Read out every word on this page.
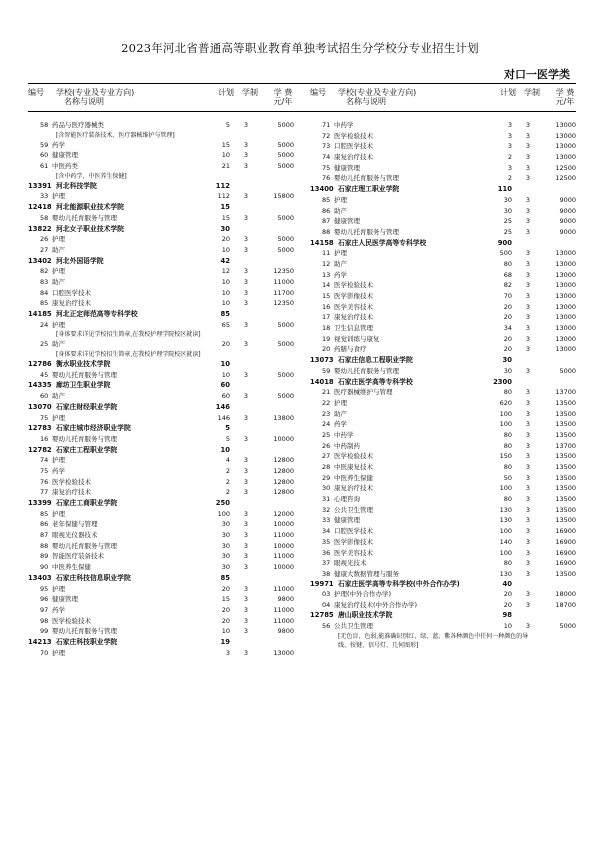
2023年河北省普通高等职业教育单独考试招生分学校分专业招生计划
对口一医学类
编号 学校(专业及专业方向)
名称与说明
计划 学制	学 费
元/年
58 药品与医疗器械类	5	3	5000
[含智能医疗装备技术、医疗器械维护与管理]
59 药学	15	3	5000
60 健康管理	10	3	5000
61 中医药类	21	3	5000
[含中药学、中医养生保健]
13391 河北科技学院	112
33 护理	112	3	15800
12418 河北能源职业技术学院	15
58 婴幼儿托育服务与管理	15	3	5000
13822 河北女子职业技术学院	30
26 护理	20	3	5000
27 助产	10	3	5000
13402 河北外国语学院	42
82 护理	12	3	12350
83 助产	10	3	11000
84 口腔医学技术	10	3	11700
85 康复治疗技术	10	3	12350
14185 河北正定师范高等专科学校	85
24 护理	65	3	5000
[身体要求详见学校招生简章,在我校护理学院校区就读]
25 助产	20	3	5000
[身体要求详见学校招生简章,在我校护理学院校区就读]
12786 衡水职业技术学院	10
45 婴幼儿托育服务与管理	10	3	5000
14335 廊坊卫生职业学院	60
60 助产	60	3	5000
13070 石家庄财经职业学院	146
75 护理	146	3	13800
12783 石家庄城市经济职业学院	5
16 婴幼儿托育服务与管理	5	3	10000
12782 石家庄工程职业学院	10
74 护理	4	3	12800
75 药学	2	3	12800
76 医学检验技术	2	3	12800
77 康复治疗技术	2	3	12800
13399 石家庄工商职业学院	250
85 护理	100	3	12000
86 老年保健与管理	30	3	10000
87 眼视光仪器技术	30	3	11000
88 婴幼儿托育服务与管理	30	3	10000
89 智能医疗装备技术	30	3	11000
90 中医养生保健	30	3	10000
13403 石家庄科技信息职业学院	85
95 护理	20	3	11000
96 健康管理	15	3	9800
97 药学	20	3	11000
98 医学检验技术	20	3	11000
99 婴幼儿托育服务与管理	10	3	9800
14213 石家庄科技职业学院	19
70 护理	3	3	13000
编号 学校(专业及专业方向)
名称与说明
计划 学制	学 费
元/年
71 中药学	3	3	13000
72 医学检验技术	3	3	13000
73 口腔医学技术	3	3	13000
74 康复治疗技术	2	3	13000
75 健康管理	3	3	12500
76 婴幼儿托育服务与管理	2	3	12500
13400 石家庄理工职业学院	110
85 护理	30	3	9000
86 助产	30	3	9000
87 健康管理	25	3	9000
88 婴幼儿托育服务与管理	25	3	9000
14158 石家庄人民医学高等专科学校	900
11 护理	500	3	13000
12 助产	80	3	13000
13 药学	68	3	13000
14 医学检验技术	82	3	13000
15 医学影像技术	70	3	13000
16 医学美容技术	20	3	13000
17 康复治疗技术	20	3	13000
18 卫生信息管理	34	3	13000
19 视觉训练与康复	20	3	13000
20 药膳与食疗	20	3	13000
13073 石家庄信息工程职业学院	30
59 婴幼儿托育服务与管理	30	3	5000
14018 石家庄医学高等专科学校	2300
21 医疗器械维护与管理	80	3	13700
22 护理	620	3	13500
23 助产	100	3	13500
24 药学	100	3	13500
25 中药学	80	3	13500
26 中药制药	80	3	13700
27 医学检验技术	150	3	13500
28 中医康复技术	80	3	13500
29 中医养生保健	50	3	13500
30 康复治疗技术	100	3	13500
31 心理咨询	80	3	13500
32 公共卫生管理	130	3	13500
33 健康管理	130	3	13500
34 口腔医学技术	100	3	16900
35 医学影像技术	140	3	16900
36 医学美容技术	100	3	16900
37 眼视光技术	80	3	16900
38 健康大数据管理与服务	130	3	13500
19971 石家庄医学高等专科学校(中外合作办学)	40
03 护理(中外合作办学)	20	3	18000
04 康复治疗技术(中外合作办学)	20	3	18700
12785 唐山职业技术学院	98
56 公共卫生管理	10	3	5000
[无色盲、色弱,能准确识别红、绿、蓝、紫各种颜色中任何一种颜色的导线、按键、信号灯、几何图形]
